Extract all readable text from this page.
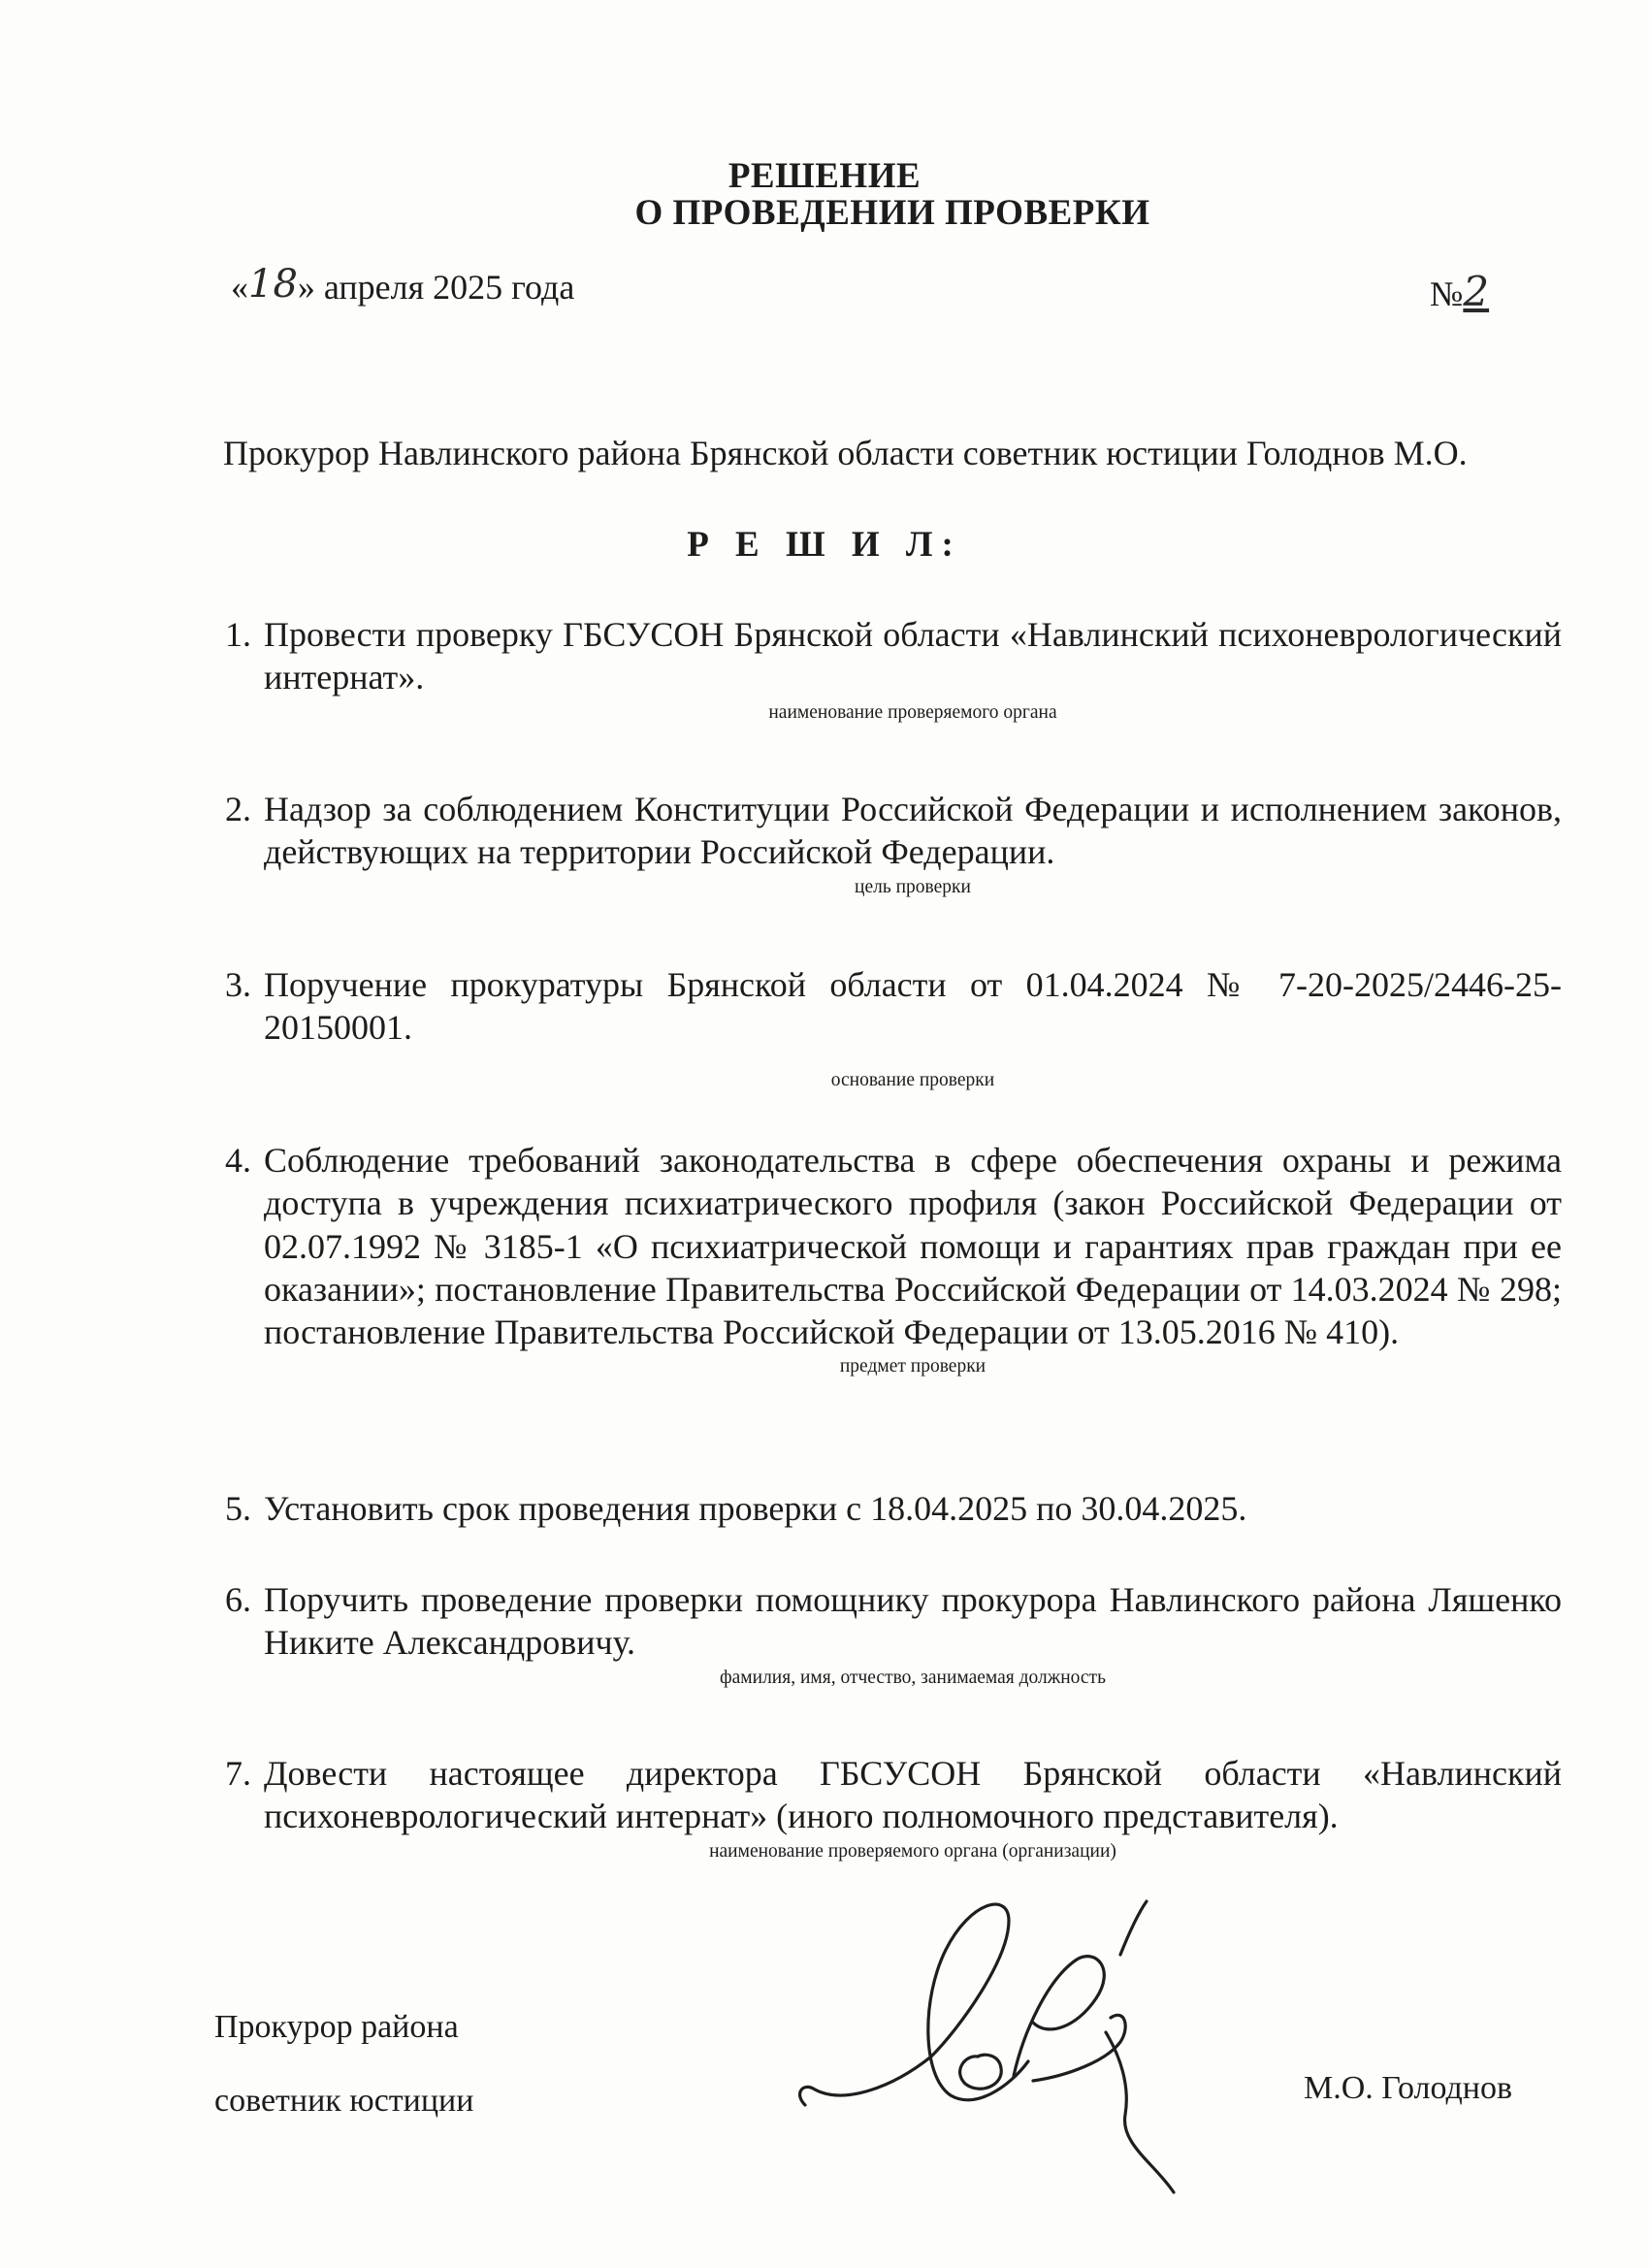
РЕШЕНИЕ
О ПРОВЕДЕНИИ ПРОВЕРКИ
«18» апреля 2025 года	№2
Прокурор Навлинского района Брянской области советник юстиции Голоднов М.О.
Р Е Ш И Л:
1. Провести проверку ГБСУСОН Брянской области «Навлинский психоневрологический интернат».
наименование проверяемого органа
2. Надзор за соблюдением Конституции Российской Федерации и исполнением законов, действующих на территории Российской Федерации.
цель проверки
3. Поручение прокуратуры Брянской области от 01.04.2024 № 7-20-2025/2446-25-20150001.
основание проверки
4. Соблюдение требований законодательства в сфере обеспечения охраны и режима доступа в учреждения психиатрического профиля (закон Российской Федерации от 02.07.1992 № 3185-1 «О психиатрической помощи и гарантиях прав граждан при ее оказании»; постановление Правительства Российской Федерации от 14.03.2024 № 298; постановление Правительства Российской Федерации от 13.05.2016 № 410).
предмет проверки
5. Установить срок проведения проверки с 18.04.2025 по 30.04.2025.
6. Поручить проведение проверки помощнику прокурора Навлинского района Ляшенко Никите Александровичу.
фамилия, имя, отчество, занимаемая должность
7. Довести настоящее директора ГБСУСОН Брянской области «Навлинский психоневрологический интернат» (иного полномочного представителя).
наименование проверяемого органа (организации)
Прокурор района
советник юстиции	М.О. Голоднов
